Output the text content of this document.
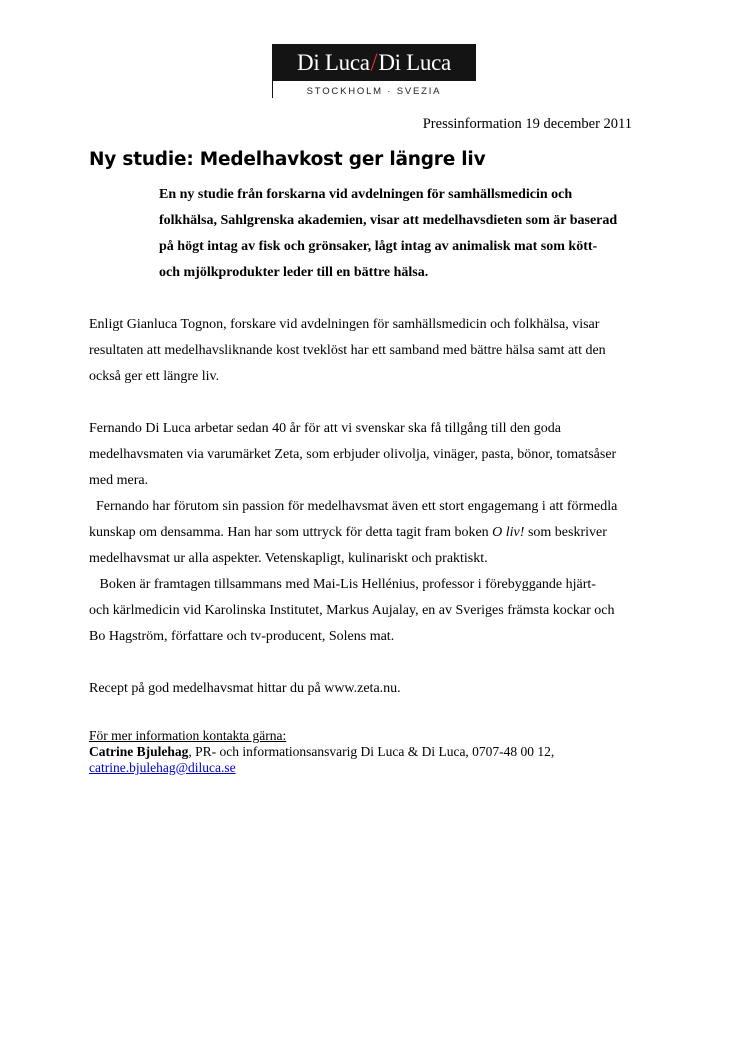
Di Luca/Di Luca
STOCKHOLM · SVEZIA
Pressinformation 19 december 2011
Ny studie: Medelhavkost ger längre liv
En ny studie från forskarna vid avdelningen för samhällsmedicin och
folkhälsa, Sahlgrenska akademien, visar att medelhavsdieten som är baserad
på högt intag av fisk och grönsaker, lågt intag av animalisk mat som kött-
och mjölkprodukter leder till en bättre hälsa.
Enligt Gianluca Tognon, forskare vid avdelningen för samhällsmedicin och folkhälsa, visar
resultaten att medelhavsliknande kost tveklöst har ett samband med bättre hälsa samt att den
också ger ett längre liv.
Fernando Di Luca arbetar sedan 40 år för att vi svenskar ska få tillgång till den goda
medelhavsmaten via varumärket Zeta, som erbjuder olivolja, vinäger, pasta, bönor, tomatsåser
med mera.
Fernando har förutom sin passion för medelhavsmat även ett stort engagemang i att förmedla
kunskap om densamma. Han har som uttryck för detta tagit fram boken O liv! som beskriver
medelhavsmat ur alla aspekter. Vetenskapligt, kulinariskt och praktiskt.
Boken är framtagen tillsammans med Mai-Lis Hellénius, professor i förebyggande hjärt-
och kärlmedicin vid Karolinska Institutet, Markus Aujalay, en av Sveriges främsta kockar och
Bo Hagström, författare och tv-producent, Solens mat.
Recept på god medelhavsmat hittar du på www.zeta.nu.
För mer information kontakta gärna:
Catrine Bjulehag, PR- och informationsansvarig Di Luca & Di Luca, 0707-48 00 12,
catrine.bjulehag@diluca.se
